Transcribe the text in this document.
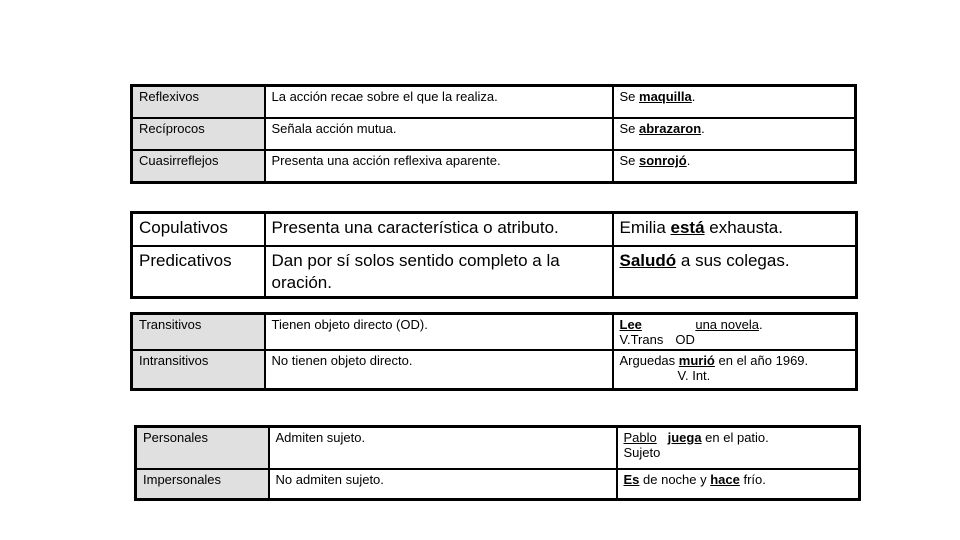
Reflexivos	La acción recae sobre el que la realiza.	Se maquilla.
Recíprocos	Señala acción mutua.	Se abrazaron.
Cuasirreflejos	Presenta una acción reflexiva aparente.	Se sonrojó.
Copulativos	Presenta una característica o atributo.	Emilia está exhausta.
Predicativos	Dan por sí solos sentido completo a la oración.	Saludó a sus colegas.
Transitivos	Tienen objeto directo (OD).	Lee una novela.
V.Trans OD

Intransitivos	No tienen objeto directo.	Arguedas murió en el año 1969.
V. Int.
Personales	Admiten sujeto.	Pablo juega en el patio.
Sujeto

Impersonales	No admiten sujeto.	Es de noche y hace frío.
